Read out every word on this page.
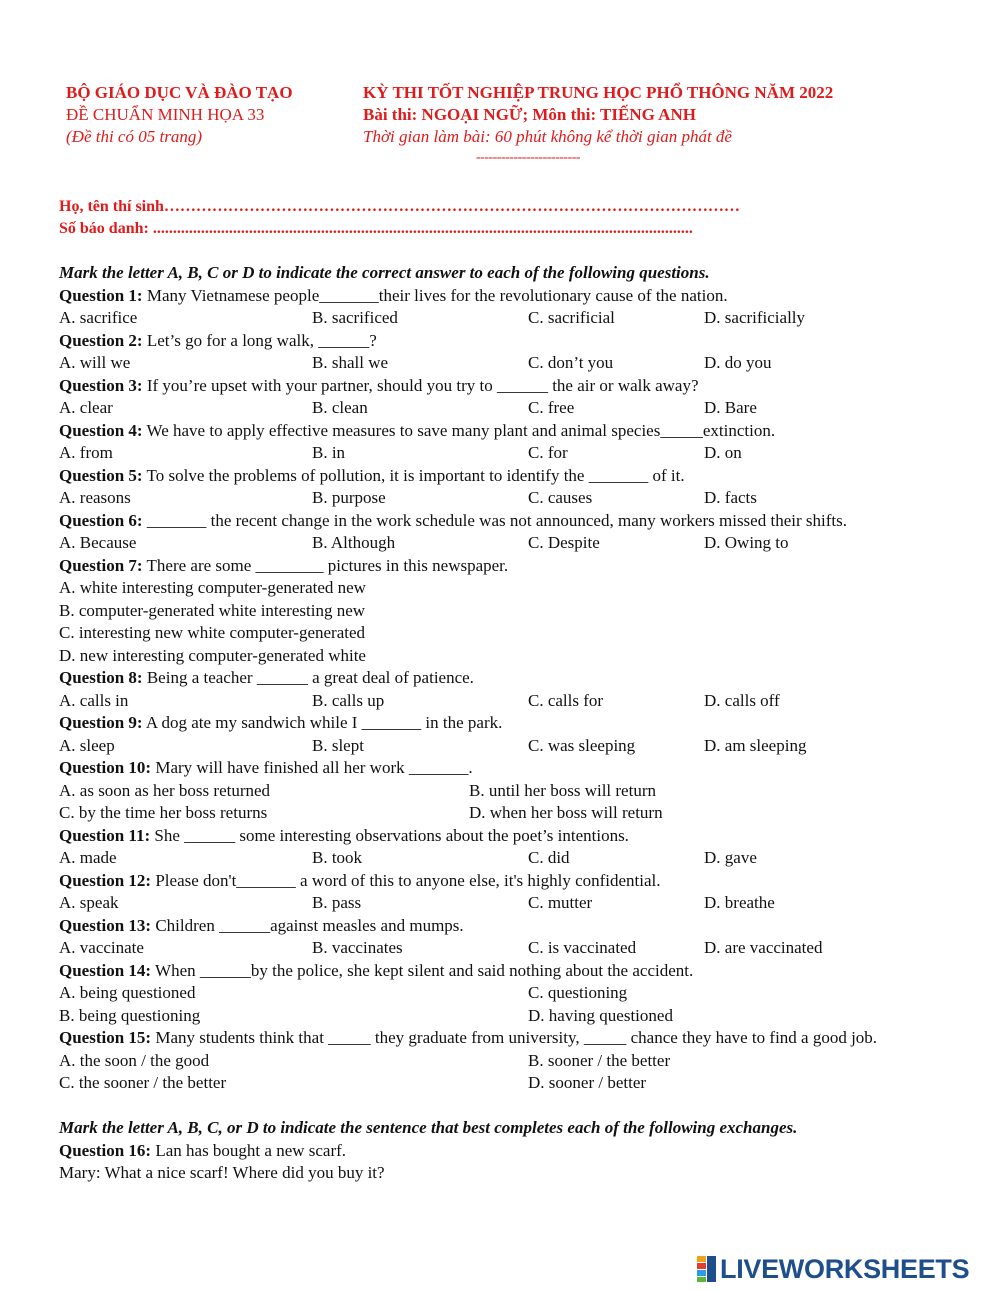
BỘ GIÁO DỤC VÀ ĐÀO TẠO
ĐỀ CHUẨN MINH HỌA 33
(Đề thi có 05 trang)
KỲ THI TỐT NGHIỆP TRUNG HỌC PHỔ THÔNG NĂM 2022
Bài thi: NGOẠI NGỮ; Môn thi: TIẾNG ANH
Thời gian làm bài: 60 phút không kể thời gian phát đề
-------------------------
Họ, tên thí sinh………………………………………………………………………………………………
Số báo danh: .......................................................................................................................................
Mark the letter A, B, C or D to indicate the correct answer to each of the following questions.
Question 1: Many Vietnamese people_______their lives for the revolutionary cause of the nation.
A. sacrifice	B. sacrificed	C. sacrificial	D. sacrificially
Question 2: Let’s go for a long walk, ______?
A. will we	B. shall we	C. don’t you	D. do you
Question 3: If you’re upset with your partner, should you try to ______ the air or walk away?
A. clear	B. clean	C. free	D. Bare
Question 4: We have to apply effective measures to save many plant and animal species_____extinction.
A. from	B. in	C. for	D. on
Question 5: To solve the problems of pollution, it is important to identify the _______ of it.
A. reasons	B. purpose	C. causes	D. facts
Question 6: _______ the recent change in the work schedule was not announced, many workers missed their shifts.
A. Because	B. Although	C. Despite	D. Owing to
Question 7: There are some ________ pictures in this newspaper.
A. white interesting computer-generated new
B. computer-generated white interesting new
C. interesting new white computer-generated
D. new interesting computer-generated white
Question 8: Being a teacher ______ a great deal of patience.
A. calls in	B. calls up	C. calls for	D. calls off
Question 9: A dog ate my sandwich while I _______ in the park.
A. sleep	B. slept	C. was sleeping	D. am sleeping
Question 10: Mary will have finished all her work _______.
A. as soon as her boss returned	B. until her boss will return
C. by the time her boss returns	D. when her boss will return
Question 11: She ______ some interesting observations about the poet’s intentions.
A. made	B. took	C. did	D. gave
Question 12: Please don't_______ a word of this to anyone else, it's highly confidential.
A. speak	B. pass	C. mutter	D. breathe
Question 13: Children ______against measles and mumps.
A. vaccinate	B. vaccinates	C. is vaccinated	D. are vaccinated
Question 14: When ______by the police, she kept silent and said nothing about the accident.
A. being questioned	C. questioning
B. being questioning	D. having questioned
Question 15: Many students think that _____ they graduate from university, _____ chance they have to find a good job.
A. the soon / the good	B. sooner / the better
C. the sooner / the better	D. sooner / better
Mark the letter A, B, C, or D to indicate the sentence that best completes each of the following exchanges.
Question 16: Lan has bought a new scarf.
Mary: What a nice scarf! Where did you buy it?
LIVEWORKSHEETS
